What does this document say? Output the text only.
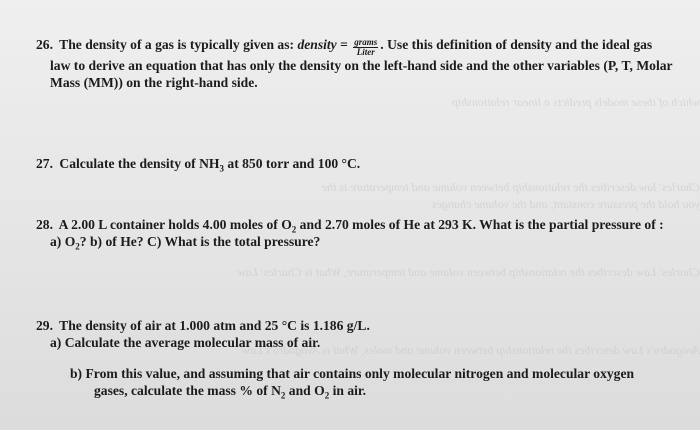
which of these models predicts a linear relationship
Charles' law describes the relationship between volume and temperature is the
you hold the pressure constant, and the volume changes
Charles' Law describes the relationship between volume and temperature, What is Charles' Law
Avogadro's Law describes the relationship between volume and moles, What is Avogadro's Law
26. The density of a gas is typically given as: density = $\frac{\text{grams}}{\text{Liter}}$ . Use this definition of density and the ideal gas
law to derive an equation that has only the density on the left-hand side and the other variables (P, T, Molar
Mass (MM)) on the right-hand side.
27. Calculate the density of $NH_3$ at 850 torr and 100 °C.
28. A 2.00 L container holds 4.00 moles of $O_2$ and 2.70 moles of He at 293 K. What is the partial pressure of :
a) $O_2$? b) of He? C) What is the total pressure?
29. The density of air at 1.000 atm and 25 °C is 1.186 g/L.
a) Calculate the average molecular mass of air.
b) From this value, and assuming that air contains only molecular nitrogen and molecular oxygen
gases, calculate the mass % of $N_2$ and $O_2$ in air.
